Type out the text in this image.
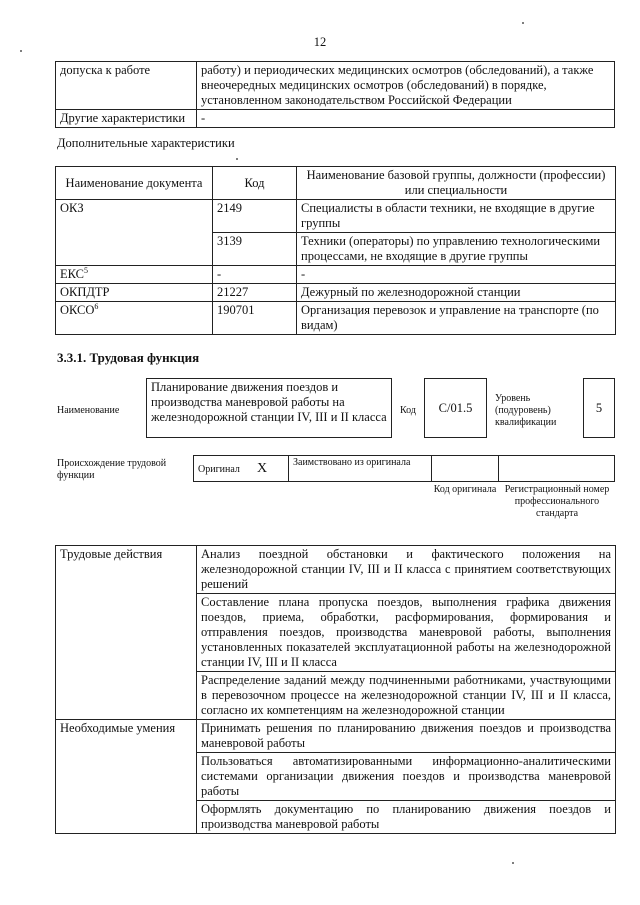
12
допуска к работе	работу) и периодических медицинских осмотров (обследований), а также внеочередных медицинских осмотров (обследований) в порядке, установленном законодательством Российской Федерации
Другие характеристики	-
Дополнительные характеристики
Наименование документа	Код	Наименование базовой группы, должности (профессии) или специальности
ОКЗ	2149	Специалисты в области техники, не входящие в другие группы
	3139	Техники (операторы) по управлению технологическими процессами, не входящие в другие группы
ЕКС$^5$	-	-
ОКПДТР	21227	Дежурный по железнодорожной станции
ОКСО$^6$	190701	Организация перевозок и управление на транспорте (по видам)
3.3.1. Трудовая функция
Наименование
Планирование движения поездов и производства маневровой работы на железнодорожной станции IV, III и II класса	Код C/01.5
Уровень (подуровень) квалификации
5
Происхождение трудовой функции
Оригинал X	Заимствовано из оригинала		
Код оригинала Регистрационный номер профессионального стандарта
Трудовые действия	Анализ поездной обстановки и фактического положения на железнодорожной станции IV, III и II класса с принятием соответствующих решений
	Составление плана пропуска поездов, выполнения графика движения поездов, приема, обработки, расформирования, формирования и отправления поездов, производства маневровой работы, выполнения установленных показателей эксплуатационной работы на железнодорожной станции IV, III и II класса
	Распределение заданий между подчиненными работниками, участвующими в перевозочном процессе на железнодорожной станции IV, III и II класса, согласно их компетенциям на железнодорожной станции
Необходимые умения	Принимать решения по планированию движения поездов и производства маневровой работы
	Пользоваться автоматизированными информационно-аналитическими системами организации движения поездов и производства маневровой работы
	Оформлять документацию по планированию движения поездов и производства маневровой работы
